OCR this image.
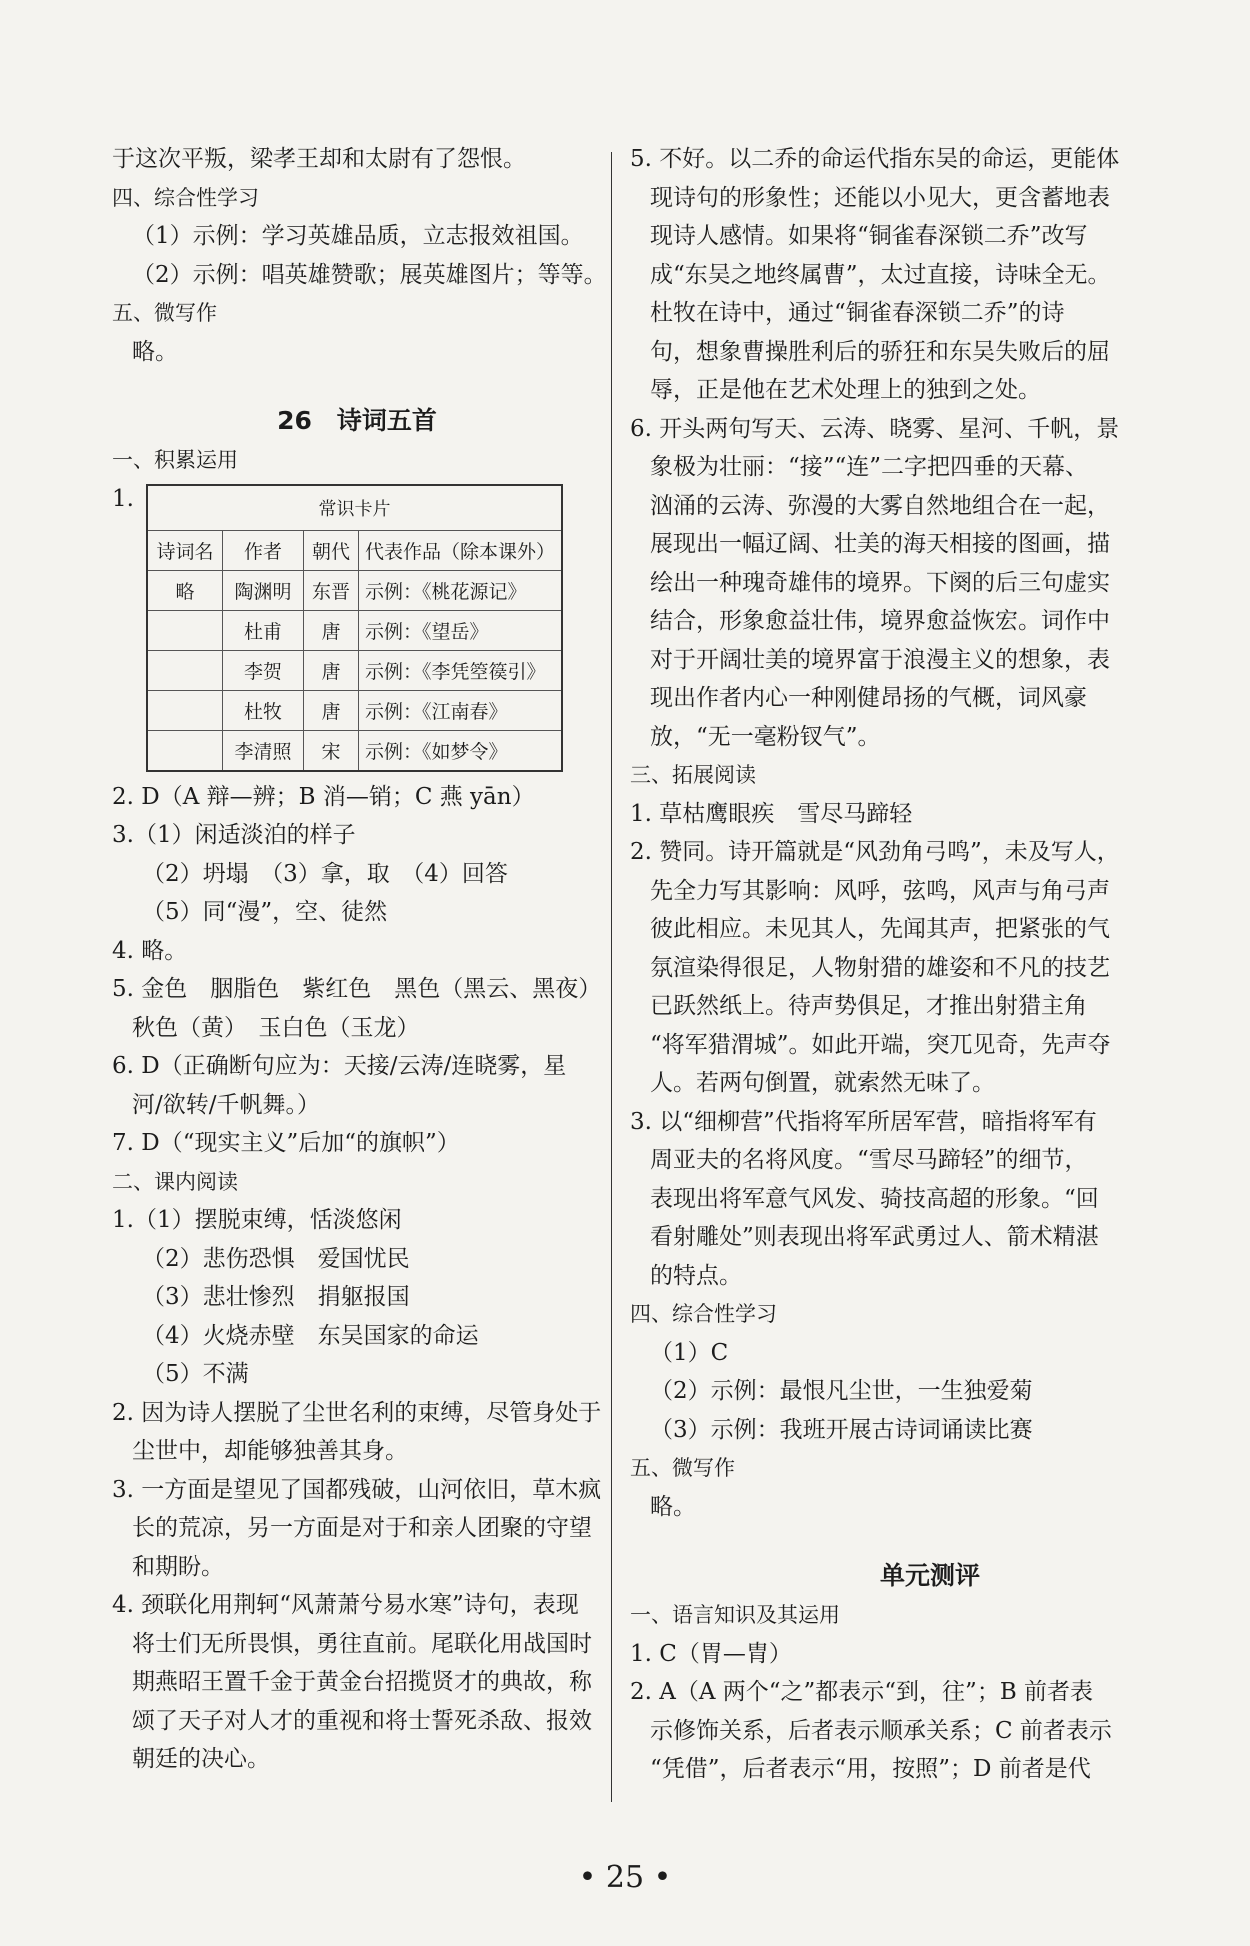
于这次平叛，梁孝王却和太尉有了怨恨。
四、综合性学习
（1）示例：学习英雄品质，立志报效祖国。
（2）示例：唱英雄赞歌；展英雄图片；等等。
五、微写作
略。
26　诗词五首
一、积累运用
1.	常识卡片			
诗词名	作者	朝代	代表作品（除本课外）
略	陶渊明	东晋	示例：《桃花源记》
	杜甫	唐	示例：《望岳》
	李贺	唐	示例：《李凭箜篌引》
	杜牧	唐	示例：《江南春》
	李清照	宋	示例：《如梦令》
2. D（A 辩—辨；B 消—销；C 燕 yān）
3.（1）闲适淡泊的样子
（2）坍塌　（3）拿，取　（4）回答
（5）同“漫”，空、徒然
4. 略。
5. 金色　胭脂色　紫红色　黑色（黑云、黑夜）
秋色（黄）　玉白色（玉龙）
6. D（正确断句应为：天接/云涛/连晓雾，星
河/欲转/千帆舞。）
7. D（“现实主义”后加“的旗帜”）
二、课内阅读
1.（1）摆脱束缚，恬淡悠闲
（2）悲伤恐惧　爱国忧民
（3）悲壮惨烈　捐躯报国
（4）火烧赤壁　东吴国家的命运
（5）不满
2. 因为诗人摆脱了尘世名利的束缚，尽管身处于
尘世中，却能够独善其身。
3. 一方面是望见了国都残破，山河依旧，草木疯
长的荒凉，另一方面是对于和亲人团聚的守望
和期盼。
4. 颈联化用荆轲“风萧萧兮易水寒”诗句，表现
将士们无所畏惧，勇往直前。尾联化用战国时
期燕昭王置千金于黄金台招揽贤才的典故，称
颂了天子对人才的重视和将士誓死杀敌、报效
朝廷的决心。
5. 不好。以二乔的命运代指东吴的命运，更能体
现诗句的形象性；还能以小见大，更含蓄地表
现诗人感情。如果将“铜雀春深锁二乔”改写
成“东吴之地终属曹”，太过直接，诗味全无。
杜牧在诗中，通过“铜雀春深锁二乔”的诗
句，想象曹操胜利后的骄狂和东吴失败后的屈
辱，正是他在艺术处理上的独到之处。
6. 开头两句写天、云涛、晓雾、星河、千帆，景
象极为壮丽：“接”“连”二字把四垂的天幕、
汹涌的云涛、弥漫的大雾自然地组合在一起，
展现出一幅辽阔、壮美的海天相接的图画，描
绘出一种瑰奇雄伟的境界。下阕的后三句虚实
结合，形象愈益壮伟，境界愈益恢宏。词作中
对于开阔壮美的境界富于浪漫主义的想象，表
现出作者内心一种刚健昂扬的气概，词风豪
放，“无一毫粉钗气”。
三、拓展阅读
1. 草枯鹰眼疾　雪尽马蹄轻
2. 赞同。诗开篇就是“风劲角弓鸣”，未及写人，
先全力写其影响：风呼，弦鸣，风声与角弓声
彼此相应。未见其人，先闻其声，把紧张的气
氛渲染得很足，人物射猎的雄姿和不凡的技艺
已跃然纸上。待声势俱足，才推出射猎主角
“将军猎渭城”。如此开端，突兀见奇，先声夺
人。若两句倒置，就索然无味了。
3. 以“细柳营”代指将军所居军营，暗指将军有
周亚夫的名将风度。“雪尽马蹄轻”的细节，
表现出将军意气风发、骑技高超的形象。“回
看射雕处”则表现出将军武勇过人、箭术精湛
的特点。
四、综合性学习
（1）C
（2）示例：最恨凡尘世，一生独爱菊
（3）示例：我班开展古诗词诵读比赛
五、微写作
略。
单元测评
一、语言知识及其运用
1. C（胃—胄）
2. A（A 两个“之”都表示“到，往”；B 前者表
示修饰关系，后者表示顺承关系；C 前者表示
“凭借”，后者表示“用，按照”；D 前者是代
• 25 •
